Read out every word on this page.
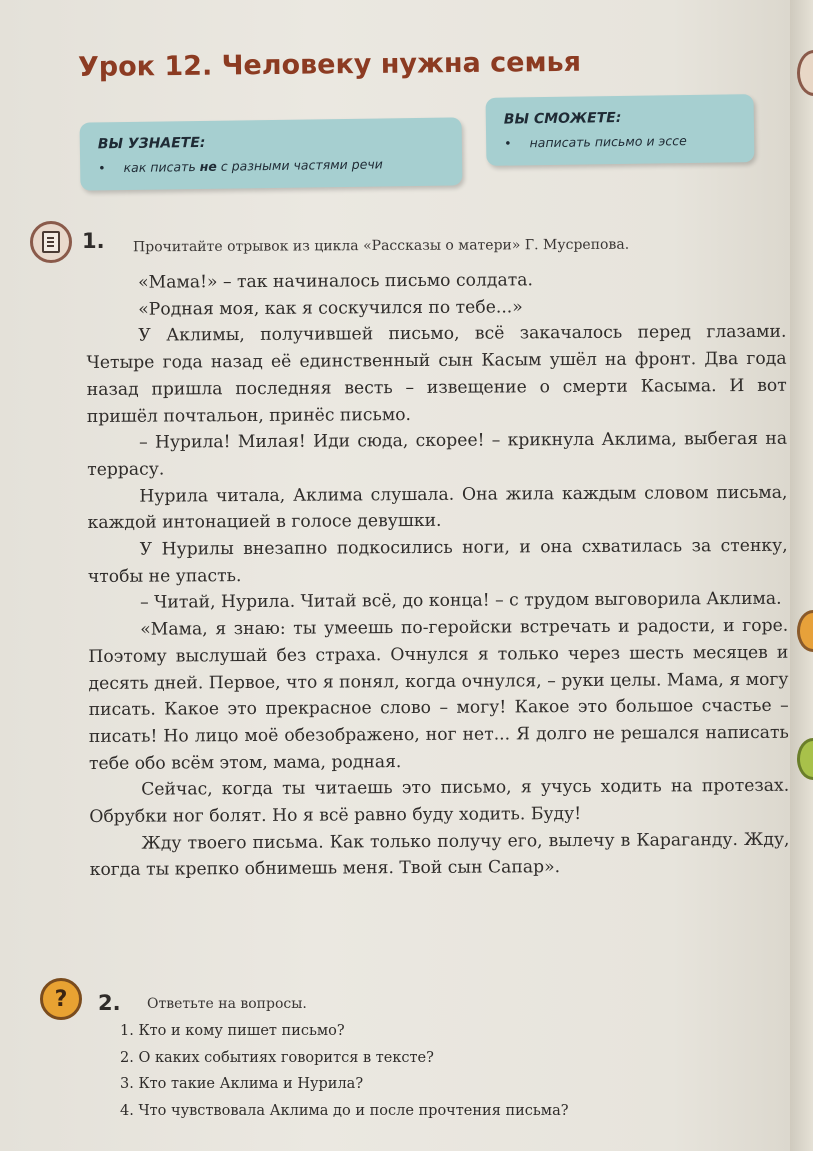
Урок 12. Человеку нужна семья
ВЫ УЗНАЕТЕ:
• как писать не с разными частями речи
ВЫ СМОЖЕТЕ:
• написать письмо и эссе
1. Прочитайте отрывок из цикла «Рассказы о матери» Г. Мусрепова.

«Мама!» – так начиналось письмо солдата.

«Родная моя, как я соскучился по тебе...»

У Аклимы, получившей письмо, всё закачалось перед глазами. Четыре года назад её единственный сын Касым ушёл на фронт. Два года назад пришла последняя весть – извещение о смерти Касыма. И вот пришёл почтальон, принёс письмо.

– Нурила! Милая! Иди сюда, скорее! – крикнула Аклима, выбегая на террасу.

Нурила читала, Аклима слушала. Она жила каждым словом письма, каждой интонацией в голосе девушки.

У Нурилы внезапно подкосились ноги, и она схватилась за стенку, чтобы не упасть.

– Читай, Нурила. Читай всё, до конца! – с трудом выговорила Аклима.

«Мама, я знаю: ты умеешь по-геройски встречать и радости, и горе. Поэтому выслушай без страха. Очнулся я только через шесть месяцев и десять дней. Первое, что я понял, когда очнулся, – руки целы. Мама, я могу писать. Какое это прекрасное слово – могу! Какое это большое счастье – писать! Но лицо моё обезображено, ног нет... Я долго не решался написать тебе обо всём этом, мама, родная.

Сейчас, когда ты читаешь это письмо, я учусь ходить на протезах. Обрубки ног болят. Но я всё равно буду ходить. Буду!

Жду твоего письма. Как только получу его, вылечу в Караганду. Жду, когда ты крепко обнимешь меня. Твой сын Сапар».

? 2. Ответьте на вопросы.
1. Кто и кому пишет письмо?
2. О каких событиях говорится в тексте?
3. Кто такие Аклима и Нурила?
4. Что чувствовала Аклима до и после прочтения письма?
